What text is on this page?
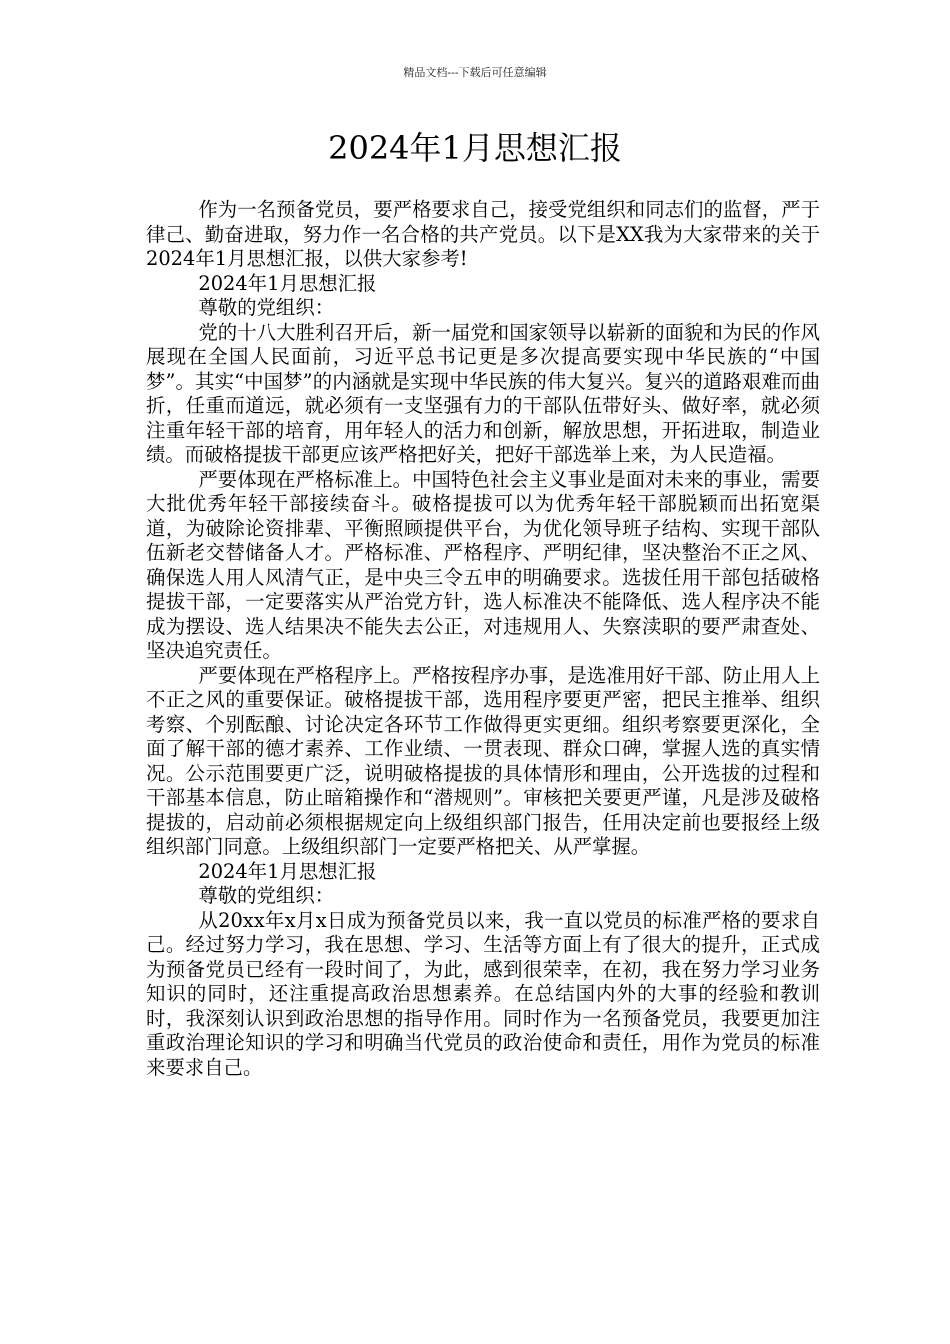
精品文档---下载后可任意编辑
2024年1月思想汇报

作为一名预备党员，要严格要求自己，接受党组织和同志们的监督，严于律己、勤奋进取，努力作一名合格的共产党员。以下是XX我为大家带来的关于2024年1月思想汇报，以供大家参考!

2024年1月思想汇报

尊敬的党组织：

党的十八大胜利召开后，新一届党和国家领导以崭新的面貌和为民的作风展现在全国人民面前，习近平总书记更是多次提高要实现中华民族的“中国梦”。其实“中国梦”的内涵就是实现中华民族的伟大复兴。复兴的道路艰难而曲折，任重而道远，就必须有一支坚强有力的干部队伍带好头、做好率，就必须注重年轻干部的培育，用年轻人的活力和创新，解放思想，开拓进取，制造业绩。而破格提拔干部更应该严格把好关，把好干部选举上来，为人民造福。

严要体现在严格标准上。中国特色社会主义事业是面对未来的事业，需要大批优秀年轻干部接续奋斗。破格提拔可以为优秀年轻干部脱颖而出拓宽渠道，为破除论资排辈、平衡照顾提供平台，为优化领导班子结构、实现干部队伍新老交替储备人才。严格标准、严格程序、严明纪律，坚决整治不正之风、确保选人用人风清气正，是中央三令五申的明确要求。选拔任用干部包括破格提拔干部，一定要落实从严治党方针，选人标准决不能降低、选人程序决不能成为摆设、选人结果决不能失去公正，对违规用人、失察渎职的要严肃查处、坚决追究责任。

严要体现在严格程序上。严格按程序办事，是选准用好干部、防止用人上不正之风的重要保证。破格提拔干部，选用程序要更严密，把民主推举、组织考察、个别酝酿、讨论决定各环节工作做得更实更细。组织考察要更深化，全面了解干部的德才素养、工作业绩、一贯表现、群众口碑，掌握人选的真实情况。公示范围要更广泛，说明破格提拔的具体情形和理由，公开选拔的过程和干部基本信息，防止暗箱操作和“潜规则”。审核把关要更严谨，凡是涉及破格提拔的，启动前必须根据规定向上级组织部门报告，任用决定前也要报经上级组织部门同意。上级组织部门一定要严格把关、从严掌握。

2024年1月思想汇报

尊敬的党组织：

从20xx年x月x日成为预备党员以来，我一直以党员的标准严格的要求自己。经过努力学习，我在思想、学习、生活等方面上有了很大的提升，正式成为预备党员已经有一段时间了，为此，感到很荣幸，在初，我在努力学习业务知识的同时，还注重提高政治思想素养。在总结国内外的大事的经验和教训时，我深刻认识到政治思想的指导作用。同时作为一名预备党员，我要更加注重政治理论知识的学习和明确当代党员的政治使命和责任，用作为党员的标准来要求自己。
